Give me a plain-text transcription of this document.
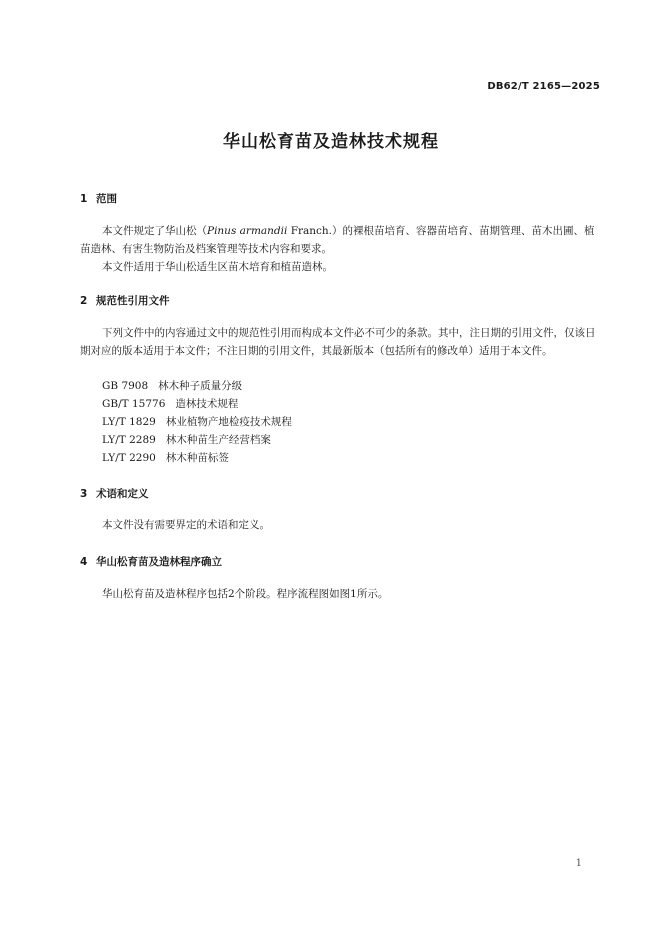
DB62/T 2165—2025
华山松育苗及造林技术规程
1 范围
本文件规定了华山松（Pinus armandii Franch.）的裸根苗培育、容器苗培育、苗期管理、苗木出圃、植苗造林、有害生物防治及档案管理等技术内容和要求。
本文件适用于华山松适生区苗木培育和植苗造林。
2 规范性引用文件
下列文件中的内容通过文中的规范性引用而构成本文件必不可少的条款。其中，注日期的引用文件，仅该日期对应的版本适用于本文件；不注日期的引用文件，其最新版本（包括所有的修改单）适用于本文件。
GB 7908 林木种子质量分级
GB/T 15776 造林技术规程
LY/T 1829 林业植物产地检疫技术规程
LY/T 2289 林木种苗生产经营档案
LY/T 2290 林木种苗标签
3 术语和定义
本文件没有需要界定的术语和定义。
4 华山松育苗及造林程序确立
华山松育苗及造林程序包括2个阶段。程序流程图如图1所示。
1
